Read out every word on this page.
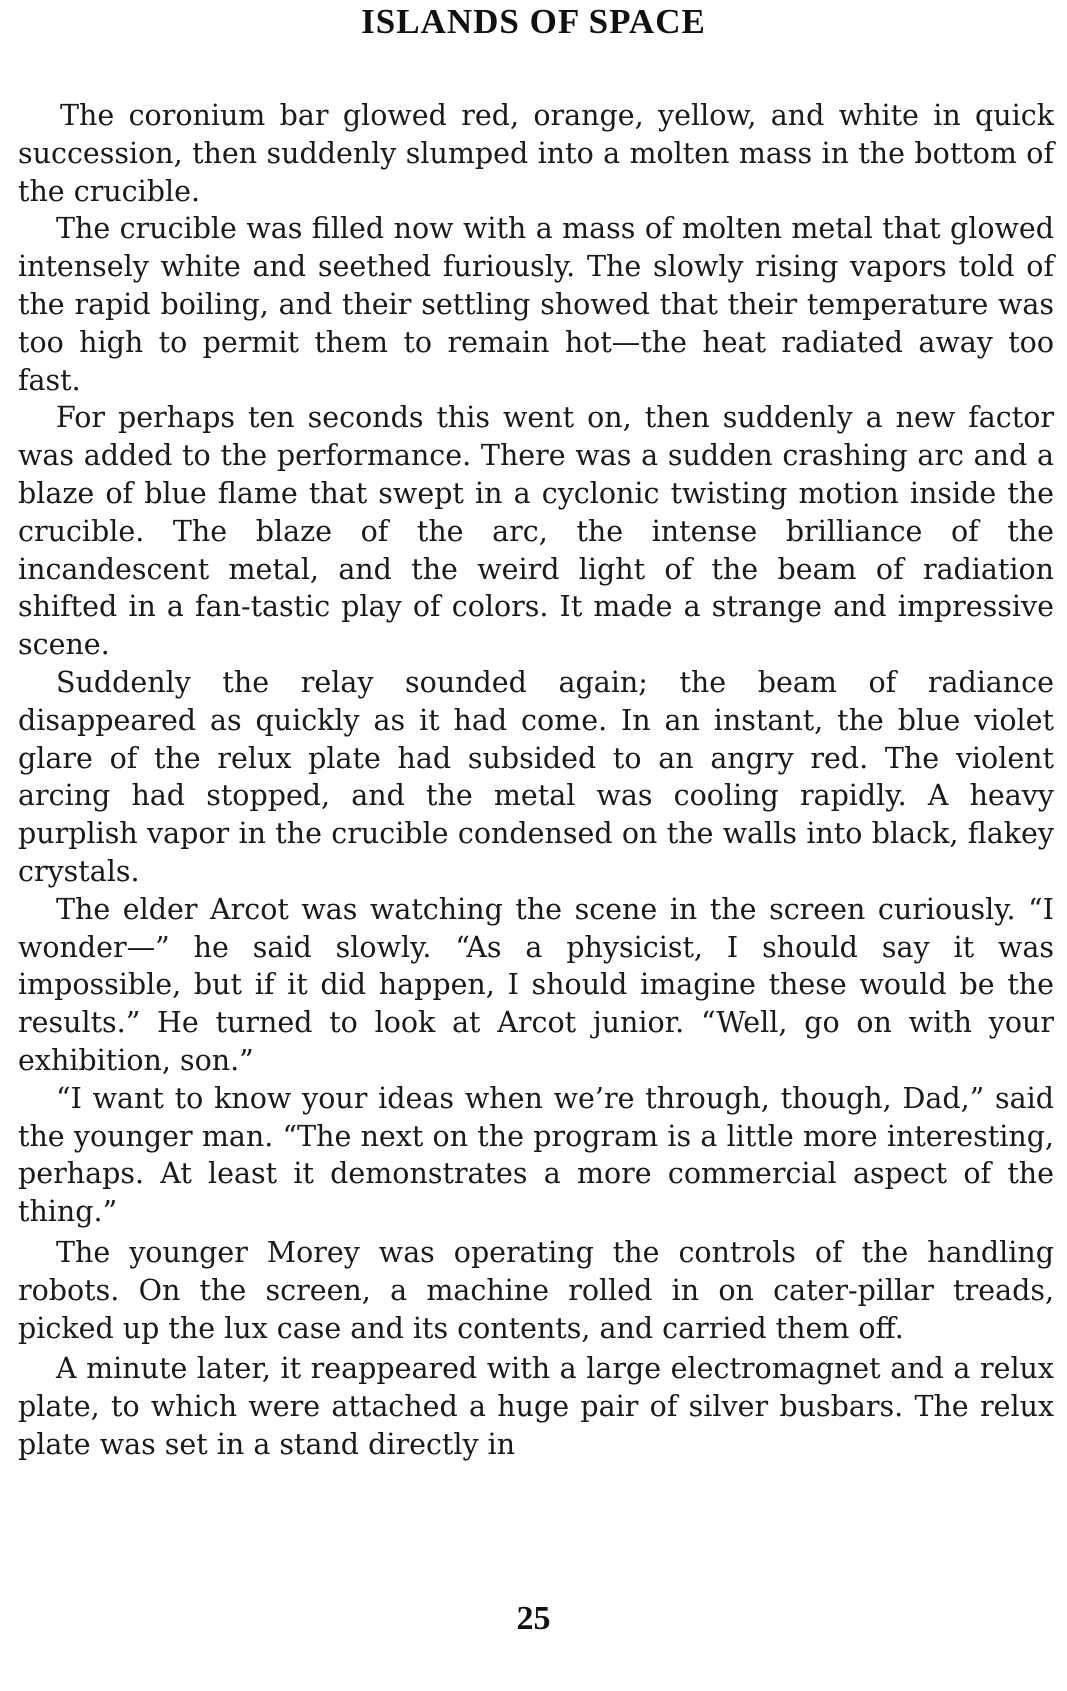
ISLANDS OF SPACE

The coronium bar glowed red, orange, yellow, and white in quick succession, then suddenly slumped into a molten mass in the bottom of the crucible.

The crucible was filled now with a mass of molten metal that glowed intensely white and seethed furiously. The slowly rising vapors told of the rapid boiling, and their settling showed that their temperature was too high to permit them to remain hot—the heat radiated away too fast.

For perhaps ten seconds this went on, then suddenly a new factor was added to the performance. There was a sudden crashing arc and a blaze of blue flame that swept in a cyclonic twisting motion inside the crucible. The blaze of the arc, the intense brilliance of the incandescent metal, and the weird light of the beam of radiation shifted in a fan-tastic play of colors. It made a strange and impressive scene.

Suddenly the relay sounded again; the beam of radiance disappeared as quickly as it had come. In an instant, the blue violet glare of the relux plate had subsided to an angry red. The violent arcing had stopped, and the metal was cooling rapidly. A heavy purplish vapor in the crucible condensed on the walls into black, flakey crystals.

The elder Arcot was watching the scene in the screen curiously. “I wonder—” he said slowly. “As a physicist, I should say it was impossible, but if it did happen, I should imagine these would be the results.” He turned to look at Arcot junior. “Well, go on with your exhibition, son.”

“I want to know your ideas when we’re through, though, Dad,” said the younger man. “The next on the program is a little more interesting, perhaps. At least it demonstrates a more commercial aspect of the thing.”

The younger Morey was operating the controls of the handling robots. On the screen, a machine rolled in on cater-pillar treads, picked up the lux case and its contents, and carried them off.

A minute later, it reappeared with a large electromagnet and a relux plate, to which were attached a huge pair of silver busbars. The relux plate was set in a stand directly in

25
